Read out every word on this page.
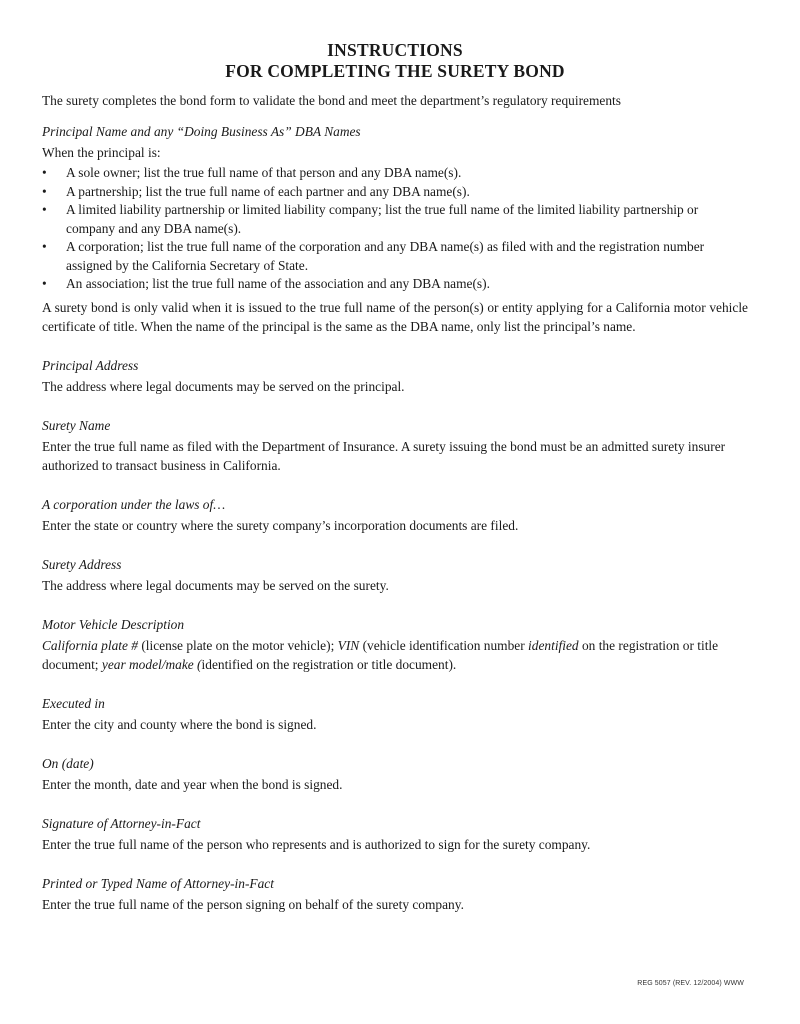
INSTRUCTIONS
FOR COMPLETING THE SURETY BOND
The surety completes the bond form to validate the bond and meet the department’s regulatory requirements
Principal Name and any “Doing Business As” DBA Names
When the principal is:
•	A sole owner; list the true full name of that person and any DBA name(s).
•	A partnership; list the true full name of each partner and any DBA name(s).
•	A limited liability partnership or limited liability company; list the true full name of the limited liability partnership or company and any DBA name(s).
•	A corporation; list the true full name of the corporation and any DBA name(s) as filed with and the registration number assigned by the California Secretary of State.
•	An association; list the true full name of the association and any DBA name(s).
A surety bond is only valid when it is issued to the true full name of the person(s) or entity applying for a California motor vehicle certificate of title. When the name of the principal is the same as the DBA name, only list the principal’s name.
Principal Address
The address where legal documents may be served on the principal.
Surety Name
Enter the true full name as filed with the Department of Insurance. A surety issuing the bond must be an admitted surety insurer authorized to transact business in California.
A corporation under the laws of…
Enter the state or country where the surety company’s incorporation documents are filed.
Surety Address
The address where legal documents may be served on the surety.
Motor Vehicle Description
California plate # (license plate on the motor vehicle); VIN (vehicle identification number identified on the registration or title document; year model/make (identified on the registration or title document).
Executed in
Enter the city and county where the bond is signed.
On (date)
Enter the month, date and year when the bond is signed.
Signature of Attorney-in-Fact
Enter the true full name of the person who represents and is authorized to sign for the surety company.
Printed or Typed Name of Attorney-in-Fact
Enter the true full name of the person signing on behalf of the surety company.
REG 5057 (REV. 12/2004) WWW
